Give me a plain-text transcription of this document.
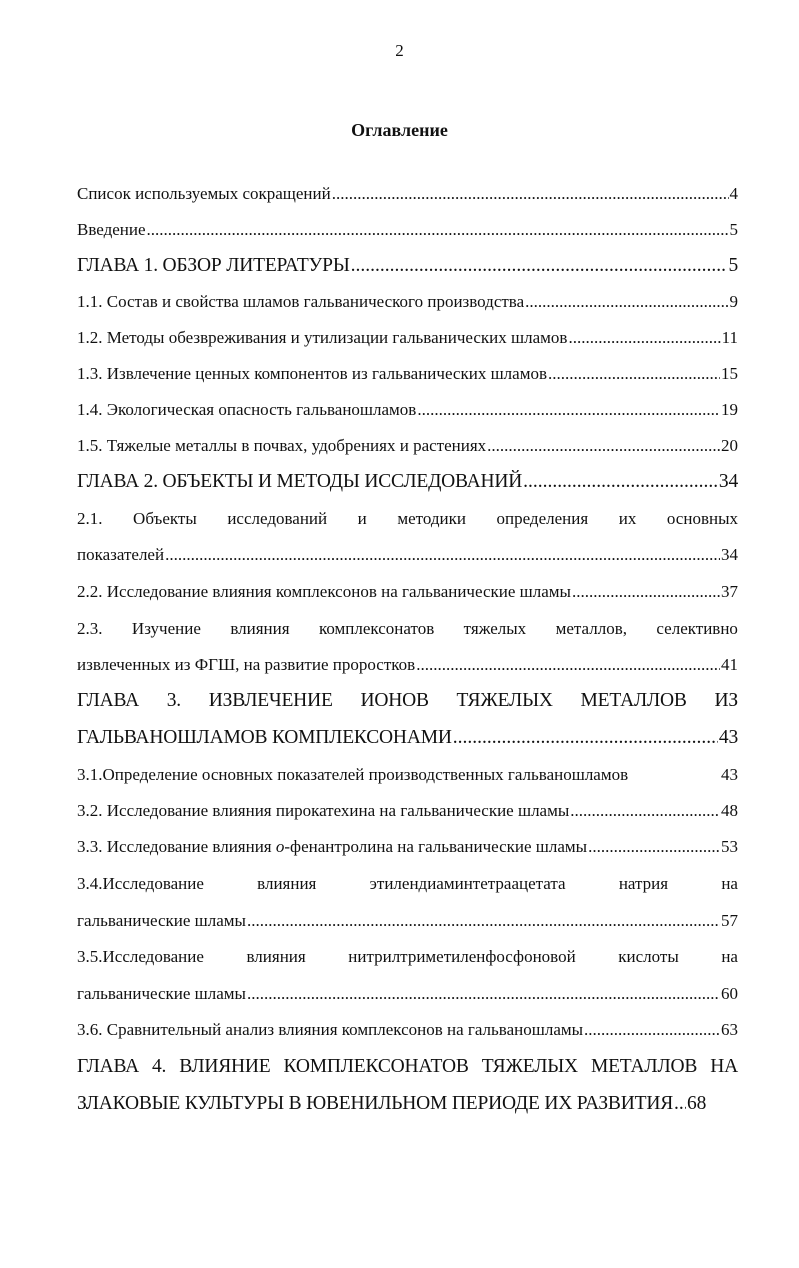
2
Оглавление
Список используемых сокращений .....	4
Введение .....	5
ГЛАВА 1. ОБЗОР ЛИТЕРАТУРЫ .....	5
1.1. Состав и свойства шламов гальванического производства .....	9
1.2. Методы обезвреживания и утилизации гальванических шламов .....	11
1.3. Извлечение ценных компонентов из гальванических шламов .....	15
1.4. Экологическая опасность гальваношламов .....	19
1.5. Тяжелые металлы в почвах, удобрениях и растениях .....	20
ГЛАВА 2. ОБЪЕКТЫ И МЕТОДЫ ИССЛЕДОВАНИЙ .....	34
2.1. Объекты исследований и методики определения их основных
показателей .....	34
2.2. Исследование влияния комплексонов на гальванические шламы .....	37
2.3. Изучение влияния комплексонатов тяжелых металлов, селективно
извлеченных из ФГШ, на развитие проростков .....	41
ГЛАВА 3. ИЗВЛЕЧЕНИЕ ИОНОВ ТЯЖЕЛЫХ МЕТАЛЛОВ ИЗ
ГАЛЬВАНОШЛАМОВ КОМПЛЕКСОНАМИ .....	43
3.1.Определение основных показателей производственных гальваношламов	43
3.2. Исследование влияния пирокатехина на гальванические шламы .....	48
3.3. Исследование влияния о-фенантролина на гальванические шламы .....	53
3.4.Исследование	влияния	этилендиаминтетраацетата	натрия	на
гальванические шламы .....	57
3.5.Исследование	влияния	нитрилтриметиленфосфоновой	кислоты	на
гальванические шламы .....	60
3.6. Сравнительный анализ влияния комплексонов на гальваношламы .....	63
ГЛАВА 4. ВЛИЯНИЕ КОМПЛЕКСОНАТОВ ТЯЖЕЛЫХ МЕТАЛЛОВ НА
ЗЛАКОВЫЕ КУЛЬТУРЫ В ЮВЕНИЛЬНОМ ПЕРИОДЕ ИХ РАЗВИТИЯ ..... 68
